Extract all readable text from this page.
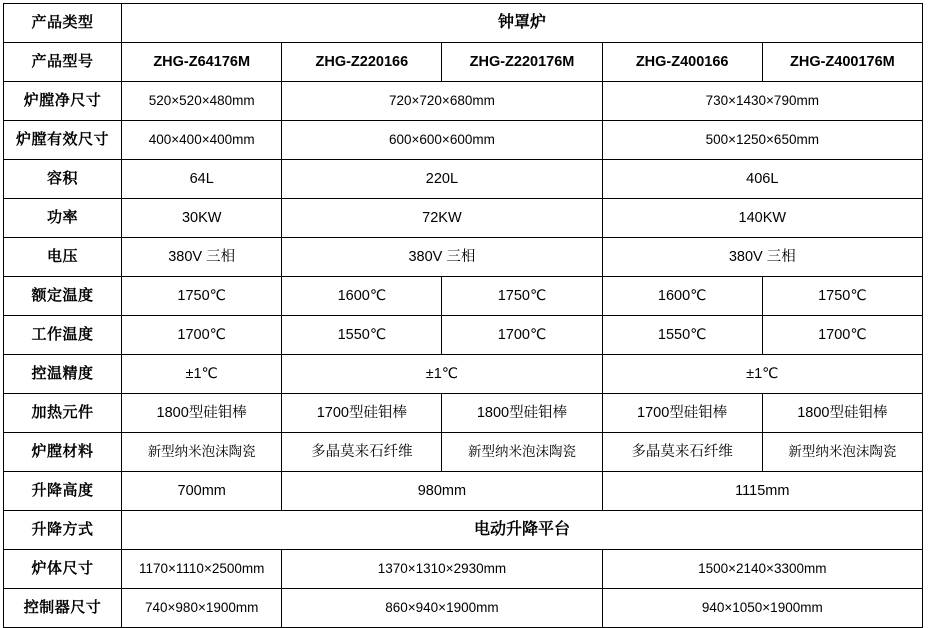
产品类型	钟罩炉				
产品型号	ZHG-Z64176M	ZHG-Z220166	ZHG-Z220176M	ZHG-Z400166	ZHG-Z400176M
炉膛净尺寸	520×520×480mm	720×720×680mm		730×1430×790mm	
炉膛有效尺寸	400×400×400mm	600×600×600mm		500×1250×650mm	
容积	64L	220L		406L	
功率	30KW	72KW		140KW	
电压	380V 三相	380V 三相		380V 三相	
额定温度	1750℃	1600℃	1750℃	1600℃	1750℃
工作温度	1700℃	1550℃	1700℃	1550℃	1700℃
控温精度	±1℃	±1℃		±1℃	
加热元件	1800型硅钼棒	1700型硅钼棒	1800型硅钼棒	1700型硅钼棒	1800型硅钼棒
炉膛材料	新型纳米泡沫陶瓷	多晶莫来石纤维	新型纳米泡沫陶瓷	多晶莫来石纤维	新型纳米泡沫陶瓷
升降高度	700mm	980mm		1115mm	
升降方式	电动升降平台				
炉体尺寸	1170×1110×2500mm	1370×1310×2930mm		1500×2140×3300mm	
控制器尺寸	740×980×1900mm	860×940×1900mm		940×1050×1900mm	
